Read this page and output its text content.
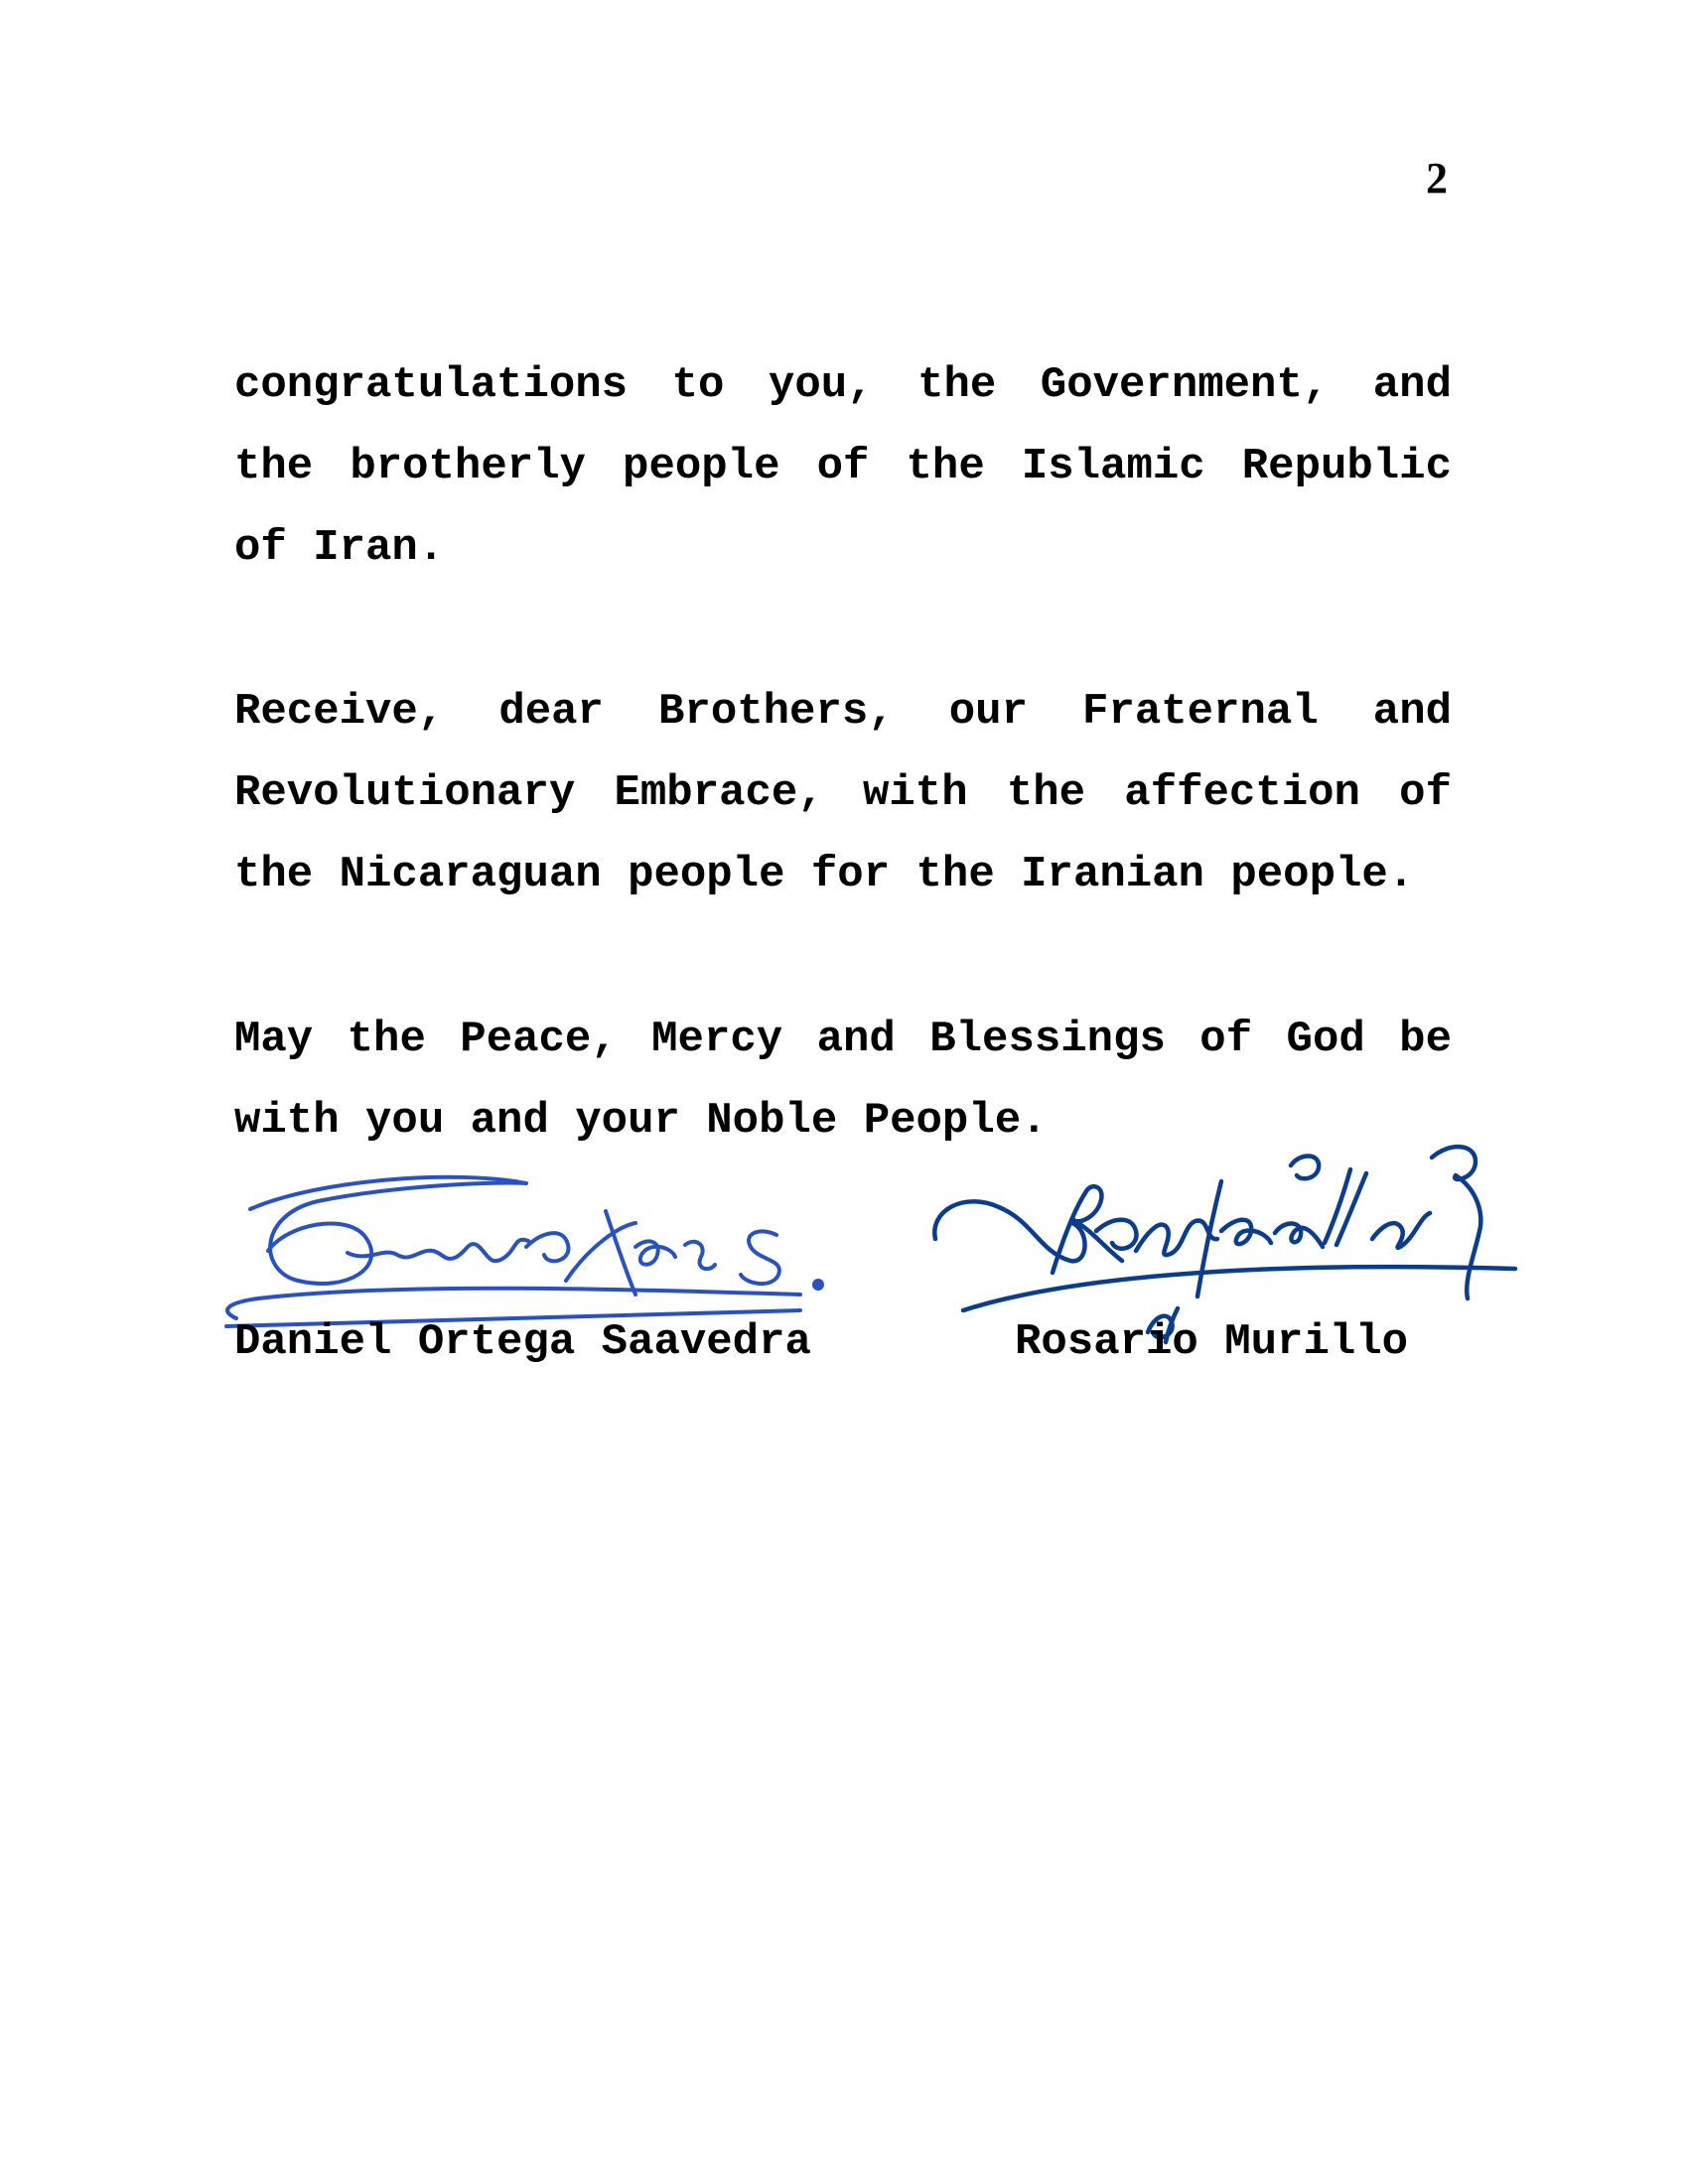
2

congratulations to you, the Government, and

the brotherly people of the Islamic Republic

of Iran.

Receive, dear Brothers, our Fraternal and

Revolutionary Embrace, with the affection of

the Nicaraguan people for the Iranian people.

May the Peace, Mercy and Blessings of God be

with you and your Noble People.

Daniel Ortega Saavedra	Rosario Murillo
